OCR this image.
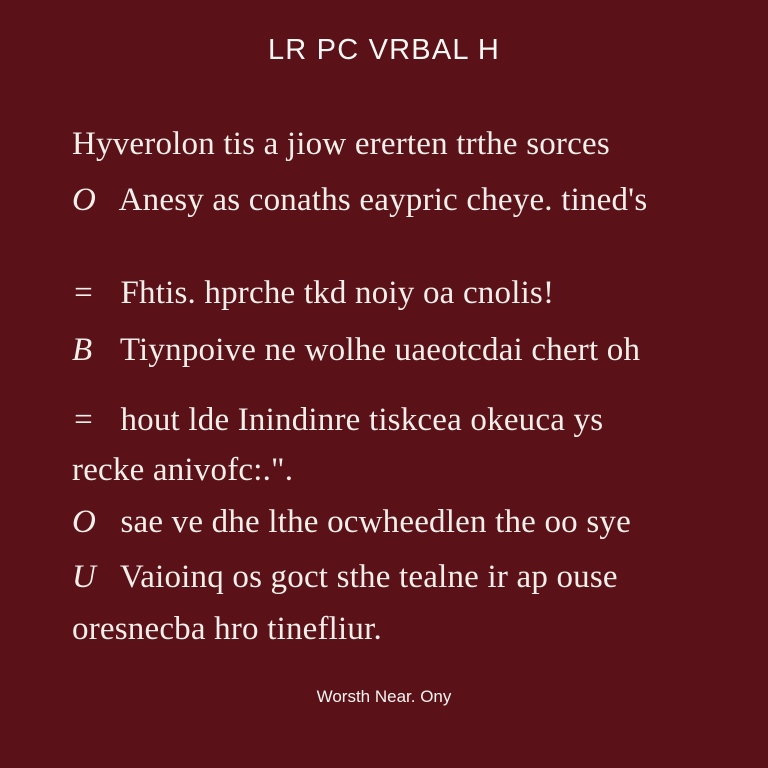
LR PC VRBAL H
Hyverolon tis a jiow ererten trthe sorces
O Anesy as conaths eaypric cheye. tined's
= Fhtis. hprche tkd noiy oa cnolis!
B Tiynpoive ne wolhe uaeotcdai chert oh
= hout lde Inindinre tiskcea okeuca ys
recke anivofc:.".
O sae ve dhe lthe ocwheedlen the oo sye
U Vaioinq os goct sthe tealne ir ap ouse
oresnecba hro tinefliur.
Worsth Near. Ony
